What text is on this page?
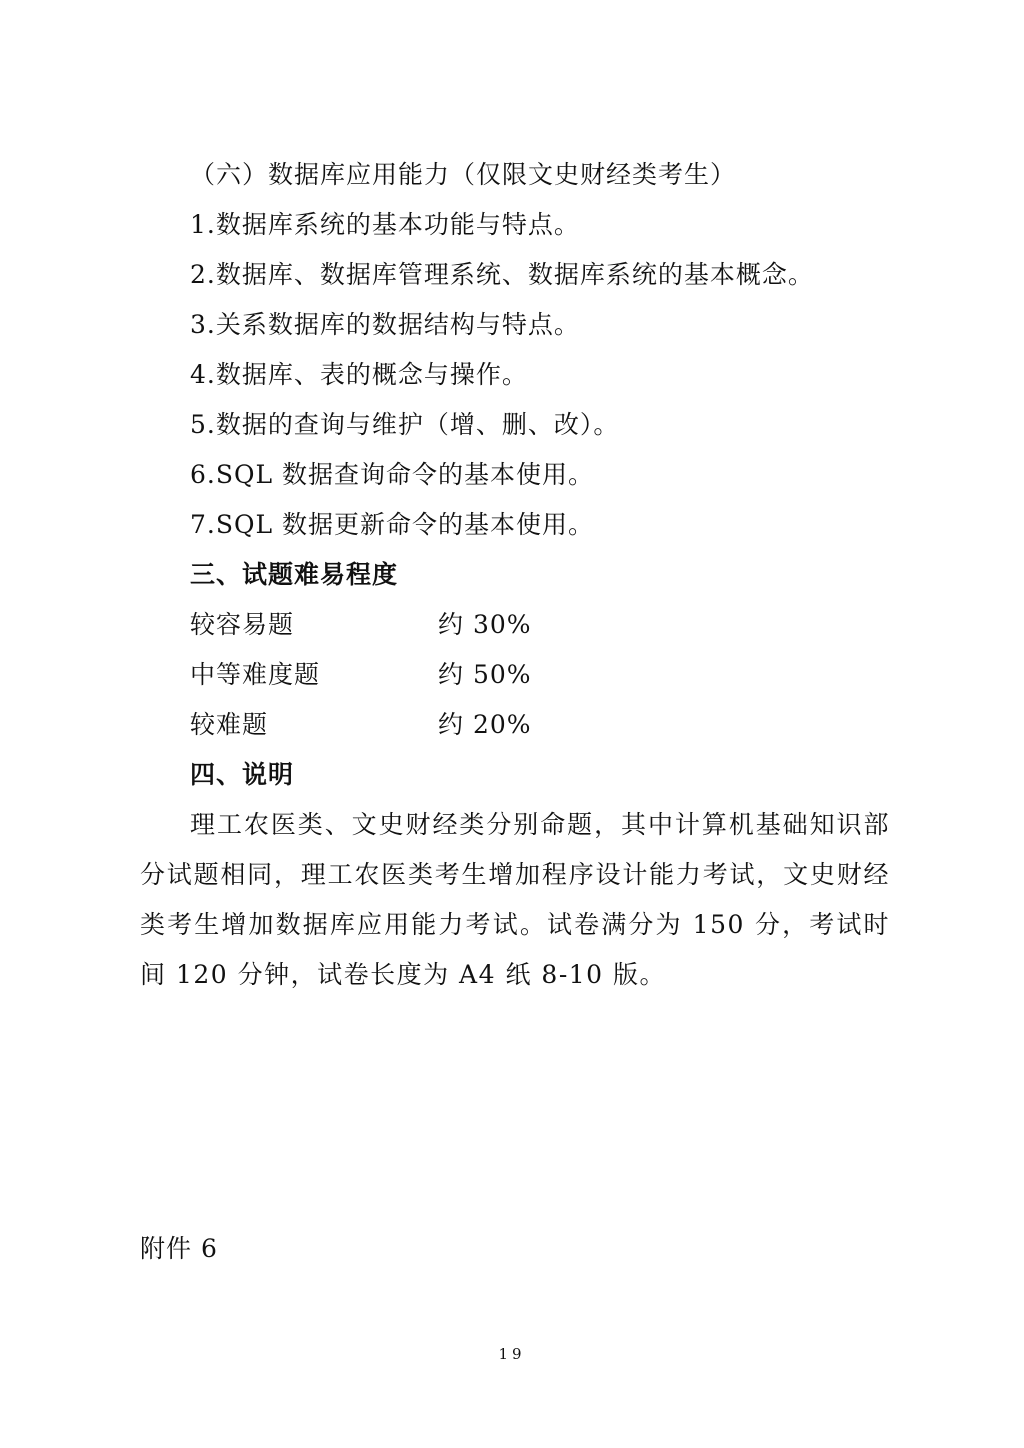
（六）数据库应用能力（仅限文史财经类考生）
1.数据库系统的基本功能与特点。
2.数据库、数据库管理系统、数据库系统的基本概念。
3.关系数据库的数据结构与特点。
4.数据库、表的概念与操作。
5.数据的查询与维护（增、删、改）。
6.SQL 数据查询命令的基本使用。
7.SQL 数据更新命令的基本使用。
三、试题难易程度
较容易题	约 30%
中等难度题	约 50%
较难题	约 20%
四、说明
理工农医类、文史财经类分别命题，其中计算机基础知识部分试题相同，理工农医类考生增加程序设计能力考试，文史财经类考生增加数据库应用能力考试。试卷满分为 150 分，考试时间 120 分钟，试卷长度为 A4 纸 8-10 版。
附件 6
19
